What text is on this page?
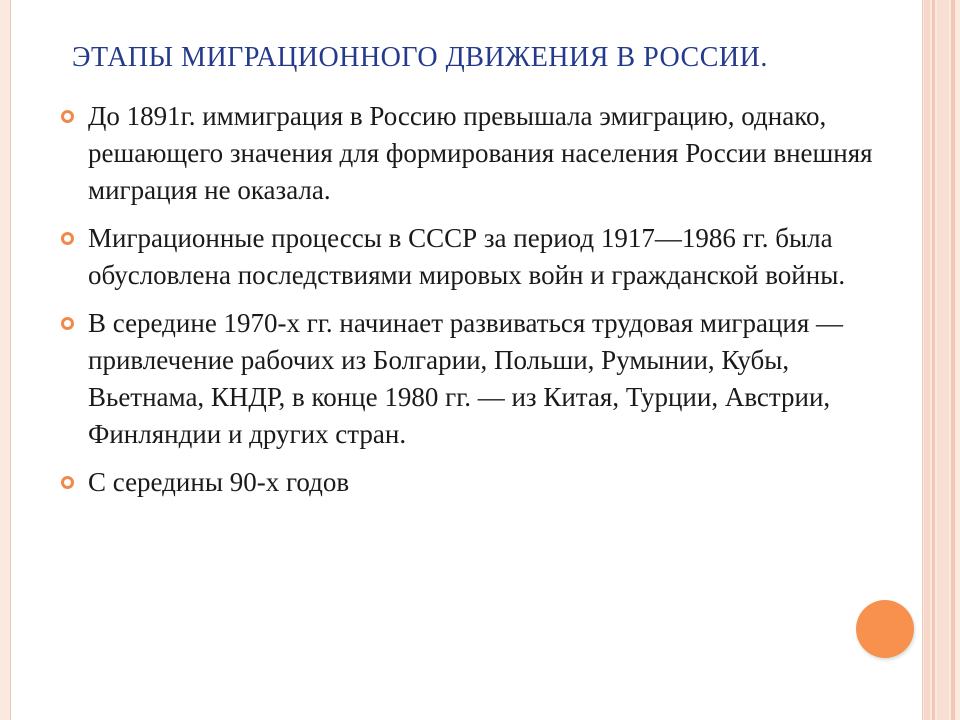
ЭТАПЫ МИГРАЦИОННОГО ДВИЖЕНИЯ В РОССИИ.
До 1891г. иммиграция в Россию превышала эмиграцию, однако, решающего значения для формирования населения России внешняя миграция не оказала.
Миграционные процессы в СССР за период 1917—1986 гг. была обусловлена последствиями мировых войн и гражданской войны.
В середине 1970-х гг. начинает развиваться трудовая миграция — привлечение рабочих из Болгарии, Польши, Румынии, Кубы, Вьетнама, КНДР, в конце 1980 гг. — из Китая, Турции, Австрии, Финляндии и других стран.
С середины 90-х годов
